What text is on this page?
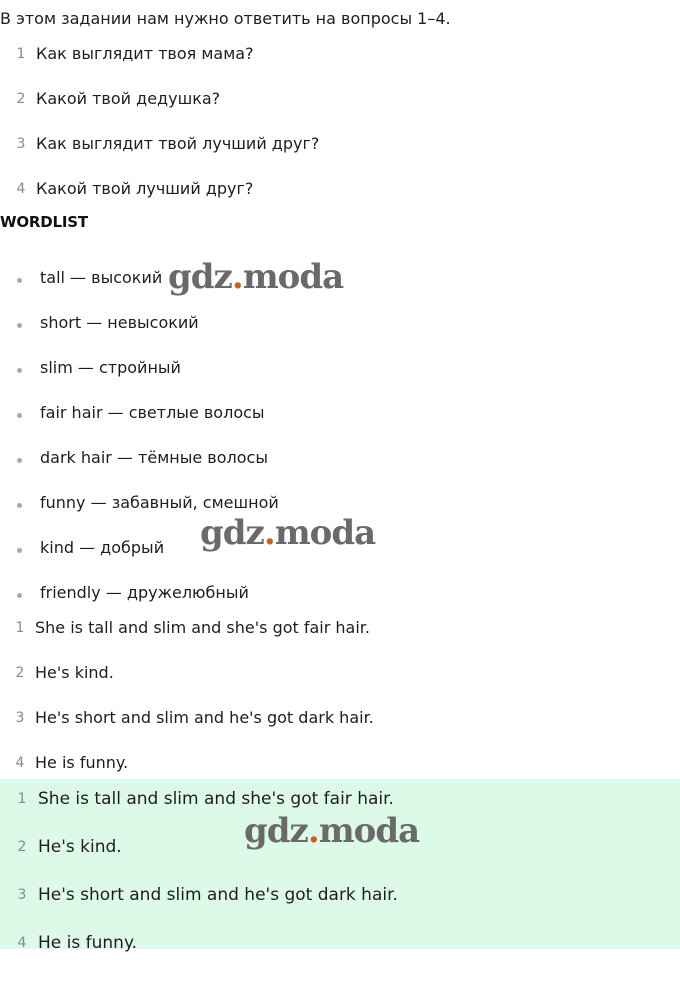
В этом задании нам нужно ответить на вопросы 1–4.
1 Как выглядит твоя мама?
2 Какой твой дедушка?
3 Как выглядит твой лучший друг?
4 Какой твой лучший друг?
WORDLIST
tall — высокий
short — невысокий
slim — стройный
fair hair — светлые волосы
dark hair — тёмные волосы
funny — забавный, смешной
kind — добрый
friendly — дружелюбный
1 She is tall and slim and she's got fair hair.
2 He's kind.
3 He's short and slim and he's got dark hair.
4 He is funny.
1 She is tall and slim and she's got fair hair.
2 He's kind.
3 He's short and slim and he's got dark hair.
4 He is funny.
gdz.moda
gdz.moda
gdz.moda
